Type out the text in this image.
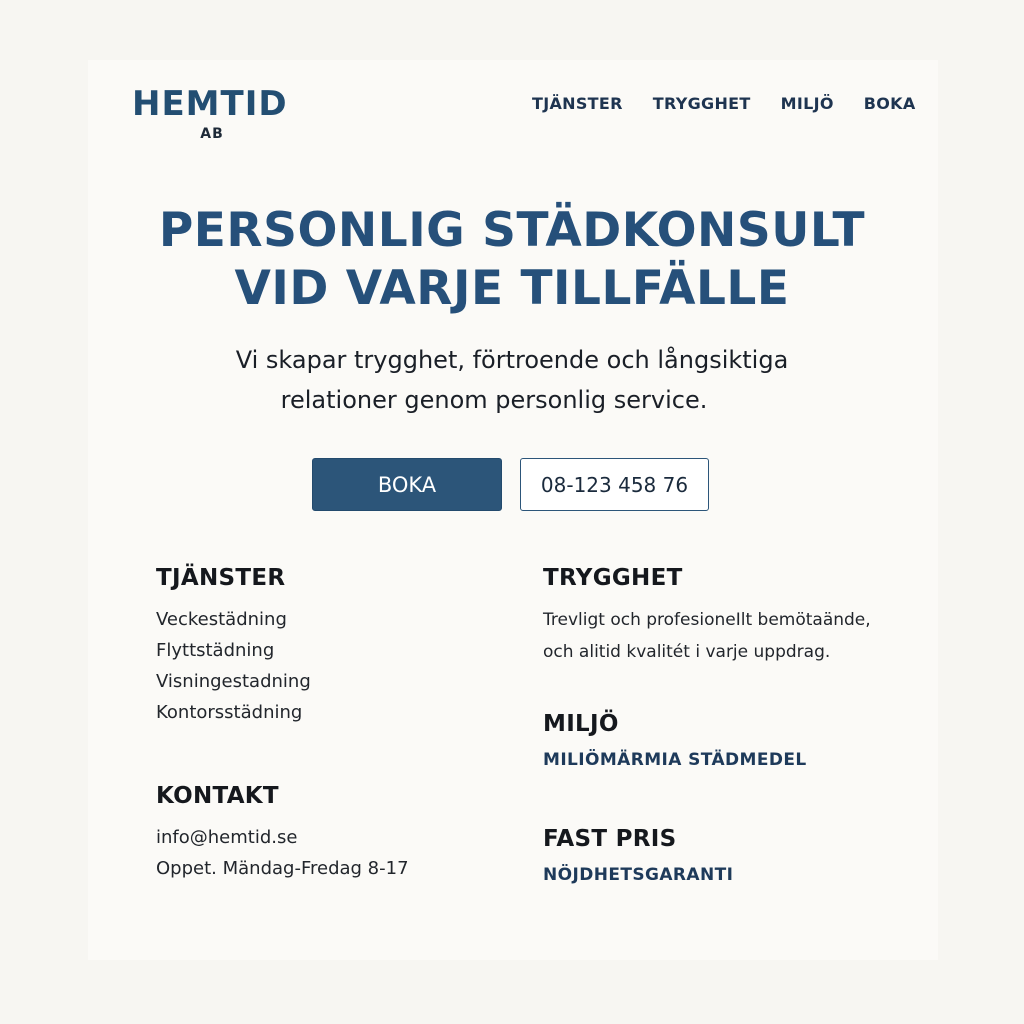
HEMTID
AB
TJÄNSTER TRYGGHET MILJÖ BOKA
PERSONLIG STÄDKONSULT
VID VARJE TILLFÄLLE

Vi skapar trygghet, förtroende och långsiktiga
relationer genom personlig service.

BOKA	08-123 458 76
TJÄNSTER
Veckestädning
Flyttstädning
Visningestadning
Kontorsstädning
KONTAKT
info@hemtid.se
Oppet. Mändag-Fredag 8-17
TRYGGHET
Trevligt och profesioneIlt bemötaände,
och alitid kvalitét i varje uppdrag.
MILJÖ
MILIÖMÄRMIA STÄDMEDEL
FAST PRIS
NÖJDHETSGARANTI
